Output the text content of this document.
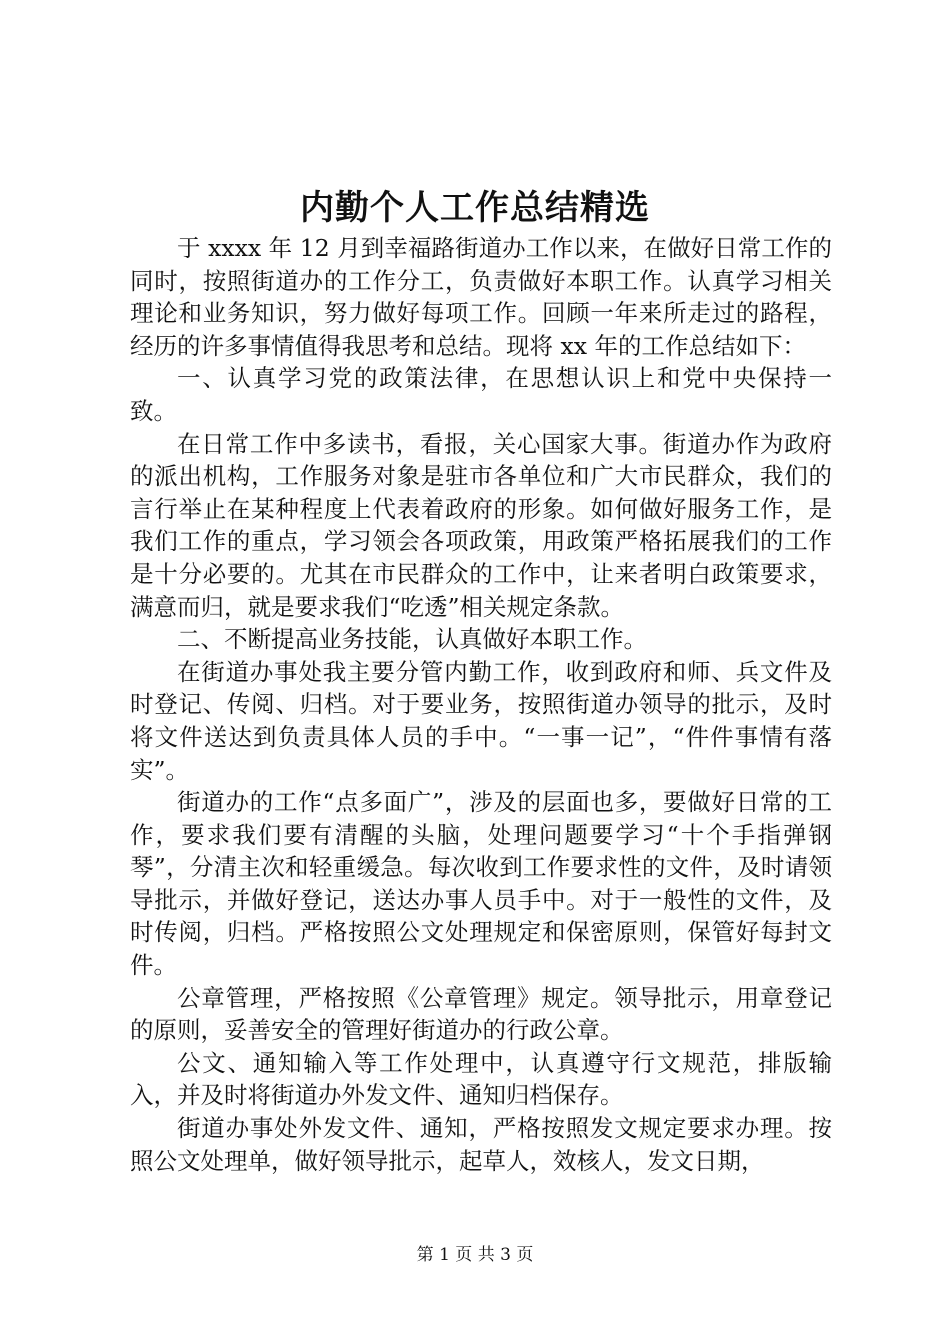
内勤个人工作总结精选

于 xxxx 年 12 月到幸福路街道办工作以来，在做好日常工作的同时，按照街道办的工作分工，负责做好本职工作。认真学习相关理论和业务知识，努力做好每项工作。回顾一年来所走过的路程，经历的许多事情值得我思考和总结。现将 xx 年的工作总结如下：

一、认真学习党的政策法律，在思想认识上和党中央保持一致。

在日常工作中多读书，看报，关心国家大事。街道办作为政府的派出机构，工作服务对象是驻市各单位和广大市民群众，我们的言行举止在某种程度上代表着政府的形象。如何做好服务工作，是我们工作的重点，学习领会各项政策，用政策严格拓展我们的工作是十分必要的。尤其在市民群众的工作中，让来者明白政策要求，满意而归，就是要求我们“吃透”相关规定条款。

二、不断提高业务技能，认真做好本职工作。

在街道办事处我主要分管内勤工作，收到政府和师、兵文件及时登记、传阅、归档。对于要业务，按照街道办领导的批示，及时将文件送达到负责具体人员的手中。“一事一记”，“件件事情有落实”。

街道办的工作“点多面广”，涉及的层面也多，要做好日常的工作，要求我们要有清醒的头脑，处理问题要学习“十个手指弹钢琴”，分清主次和轻重缓急。每次收到工作要求性的文件，及时请领导批示，并做好登记，送达办事人员手中。对于一般性的文件，及时传阅，归档。严格按照公文处理规定和保密原则，保管好每封文件。

公章管理，严格按照《公章管理》规定。领导批示，用章登记的原则，妥善安全的管理好街道办的行政公章。

公文、通知输入等工作处理中，认真遵守行文规范，排版输入，并及时将街道办外发文件、通知归档保存。

街道办事处外发文件、通知，严格按照发文规定要求办理。按照公文处理单，做好领导批示，起草人，效核人，发文日期，

第 1 页 共 3 页
